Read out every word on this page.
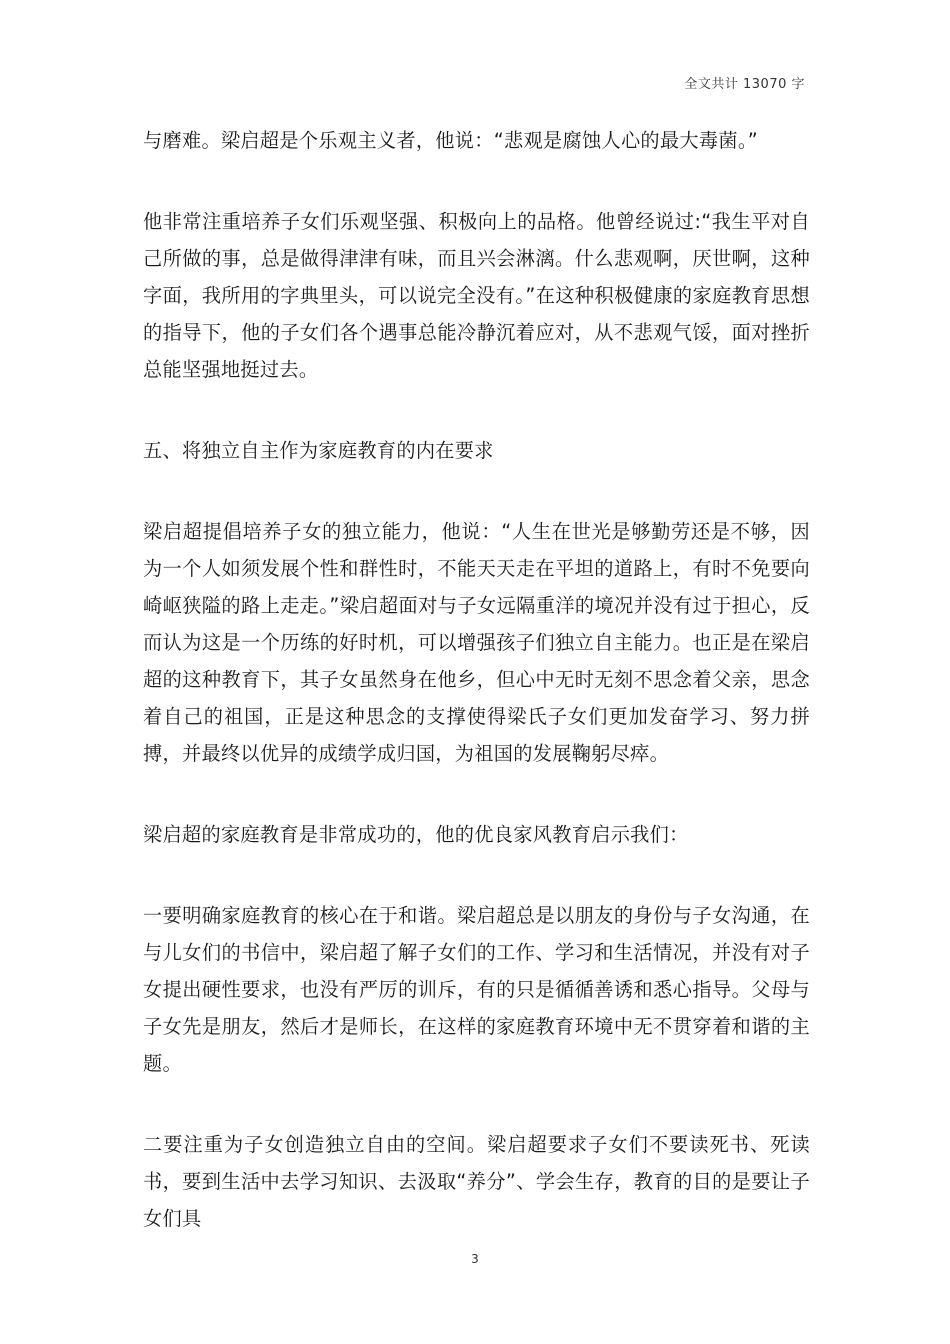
全文共计 13070 字

与磨难。梁启超是个乐观主义者，他说：“悲观是腐蚀人心的最大毒菌。”

他非常注重培养子女们乐观坚强、积极向上的品格。他曾经说过:“我生平对自己所做的事，总是做得津津有味，而且兴会淋漓。什么悲观啊，厌世啊，这种字面，我所用的字典里头，可以说完全没有。”在这种积极健康的家庭教育思想的指导下，他的子女们各个遇事总能冷静沉着应对，从不悲观气馁，面对挫折总能坚强地挺过去。

五、将独立自主作为家庭教育的内在要求

梁启超提倡培养子女的独立能力，他说：“人生在世光是够勤劳还是不够，因为一个人如须发展个性和群性时，不能天天走在平坦的道路上，有时不免要向崎岖狭隘的路上走走。”梁启超面对与子女远隔重洋的境况并没有过于担心，反而认为这是一个历练的好时机，可以增强孩子们独立自主能力。也正是在梁启超的这种教育下，其子女虽然身在他乡，但心中无时无刻不思念着父亲，思念着自己的祖国，正是这种思念的支撑使得梁氏子女们更加发奋学习、努力拼搏，并最终以优异的成绩学成归国，为祖国的发展鞠躬尽瘁。

梁启超的家庭教育是非常成功的，他的优良家风教育启示我们：

一要明确家庭教育的核心在于和谐。梁启超总是以朋友的身份与子女沟通，在与儿女们的书信中，梁启超了解子女们的工作、学习和生活情况，并没有对子女提出硬性要求，也没有严厉的训斥，有的只是循循善诱和悉心指导。父母与子女先是朋友，然后才是师长，在这样的家庭教育环境中无不贯穿着和谐的主题。

二要注重为子女创造独立自由的空间。梁启超要求子女们不要读死书、死读书，要到生活中去学习知识、去汲取“养分”、学会生存，教育的目的是要让子女们具

3
